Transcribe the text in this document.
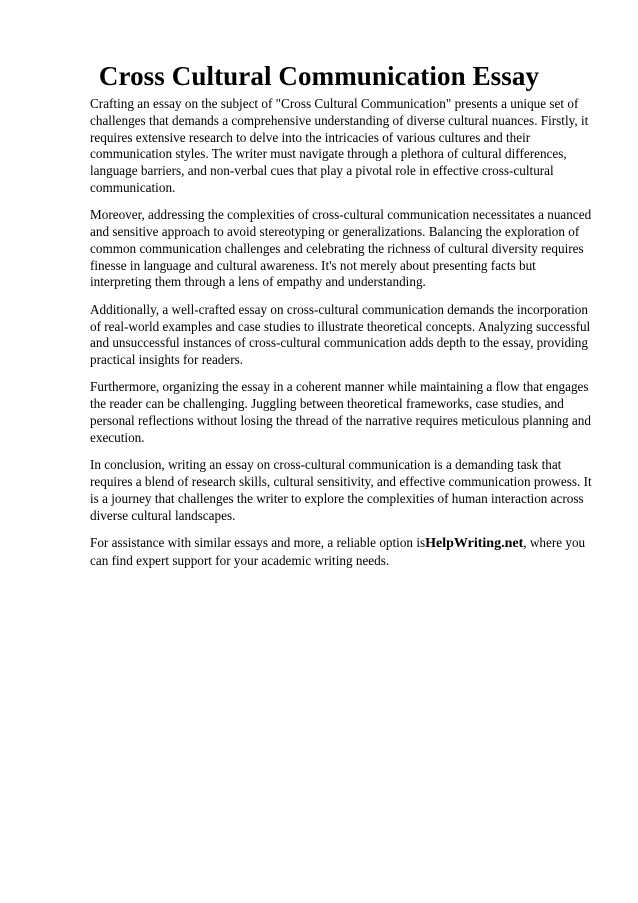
Cross Cultural Communication Essay

Crafting an essay on the subject of "Cross Cultural Communication" presents a unique set of challenges that demands a comprehensive understanding of diverse cultural nuances. Firstly, it requires extensive research to delve into the intricacies of various cultures and their communication styles. The writer must navigate through a plethora of cultural differences, language barriers, and non-verbal cues that play a pivotal role in effective cross-cultural communication.

Moreover, addressing the complexities of cross-cultural communication necessitates a nuanced and sensitive approach to avoid stereotyping or generalizations. Balancing the exploration of common communication challenges and celebrating the richness of cultural diversity requires finesse in language and cultural awareness. It's not merely about presenting facts but interpreting them through a lens of empathy and understanding.

Additionally, a well-crafted essay on cross-cultural communication demands the incorporation of real-world examples and case studies to illustrate theoretical concepts. Analyzing successful and unsuccessful instances of cross-cultural communication adds depth to the essay, providing practical insights for readers.

Furthermore, organizing the essay in a coherent manner while maintaining a flow that engages the reader can be challenging. Juggling between theoretical frameworks, case studies, and personal reflections without losing the thread of the narrative requires meticulous planning and execution.

In conclusion, writing an essay on cross-cultural communication is a demanding task that requires a blend of research skills, cultural sensitivity, and effective communication prowess. It is a journey that challenges the writer to explore the complexities of human interaction across diverse cultural landscapes.

For assistance with similar essays and more, a reliable option isHelpWriting.net, where you can find expert support for your academic writing needs.
